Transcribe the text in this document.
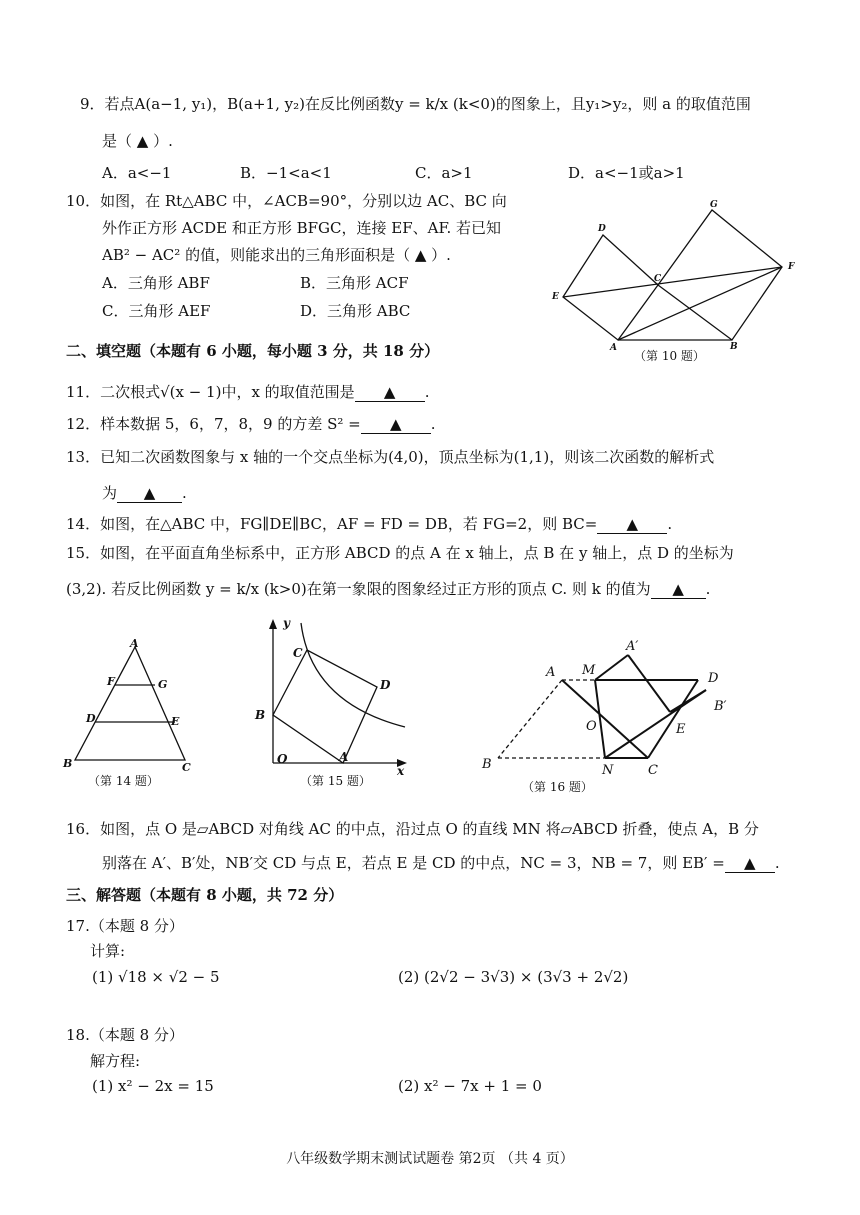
9．若点A(a−1, y₁)，B(a+1, y₂)在反比例函数y = k/x (k<0)的图象上，且y₁>y₂，则 a 的取值范围
是（ ▲ ）.
A．a<−1	B．−1<a<1	C．a>1	D．a<−1或a>1
10．如图，在 Rt△ABC 中，∠ACB=90°，分别以边 AC、BC 向
外作正方形 ACDE 和正方形 BFGC，连接 EF、AF. 若已知
AB² − AC² 的值，则能求出的三角形面积是（ ▲ ）.
A．三角形 ABF	B．三角形 ACF
C．三角形 AEF	D．三角形 ABC
D
G
C
F
E
A	B
（第 10 题）
二、填空题（本题有 6 小题，每小题 3 分，共 18 分）
11．二次根式√(x − 1)中，x 的取值范围是 ▲ .
12．样本数据 5，6，7，8，9 的方差 S² = ▲ .
13．已知二次函数图象与 x 轴的一个交点坐标为(4,0)，顶点坐标为(1,1)，则该二次函数的解析式
为 ▲ .
14．如图，在△ABC 中，FG∥DE∥BC，AF = FD = DB，若 FG=2，则 BC= ▲ .
15．如图，在平面直角坐标系中，正方形 ABCD 的点 A 在 x 轴上，点 B 在 y 轴上，点 D 的坐标为
(3,2). 若反比例函数 y = k/x (k>0)在第一象限的图象经过正方形的顶点 C. 则 k 的值为 ▲ .
A
F	G
D	E
B	C
（第 14 题）
y
C
D
B
O	A
x
（第 15 题）
A M
A′
D
B′
O	E
B	N	C
（第 16 题）
16．如图，点 O 是▱ABCD 对角线 AC 的中点，沿过点 O 的直线 MN 将▱ABCD 折叠，使点 A，B 分
别落在 A′、B′处，NB′交 CD 与点 E，若点 E 是 CD 的中点，NC = 3，NB = 7，则 EB′ = ▲ .
三、解答题（本题有 8 小题，共 72 分）
17.（本题 8 分）
计算:
(1) √18 × √2 − 5	(2) (2√2 − 3√3) × (3√3 + 2√2)
18.（本题 8 分）
解方程:
(1) x² − 2x = 15	(2) x² − 7x + 1 = 0
八年级数学期末测试试题卷 第2页 （共 4 页）
